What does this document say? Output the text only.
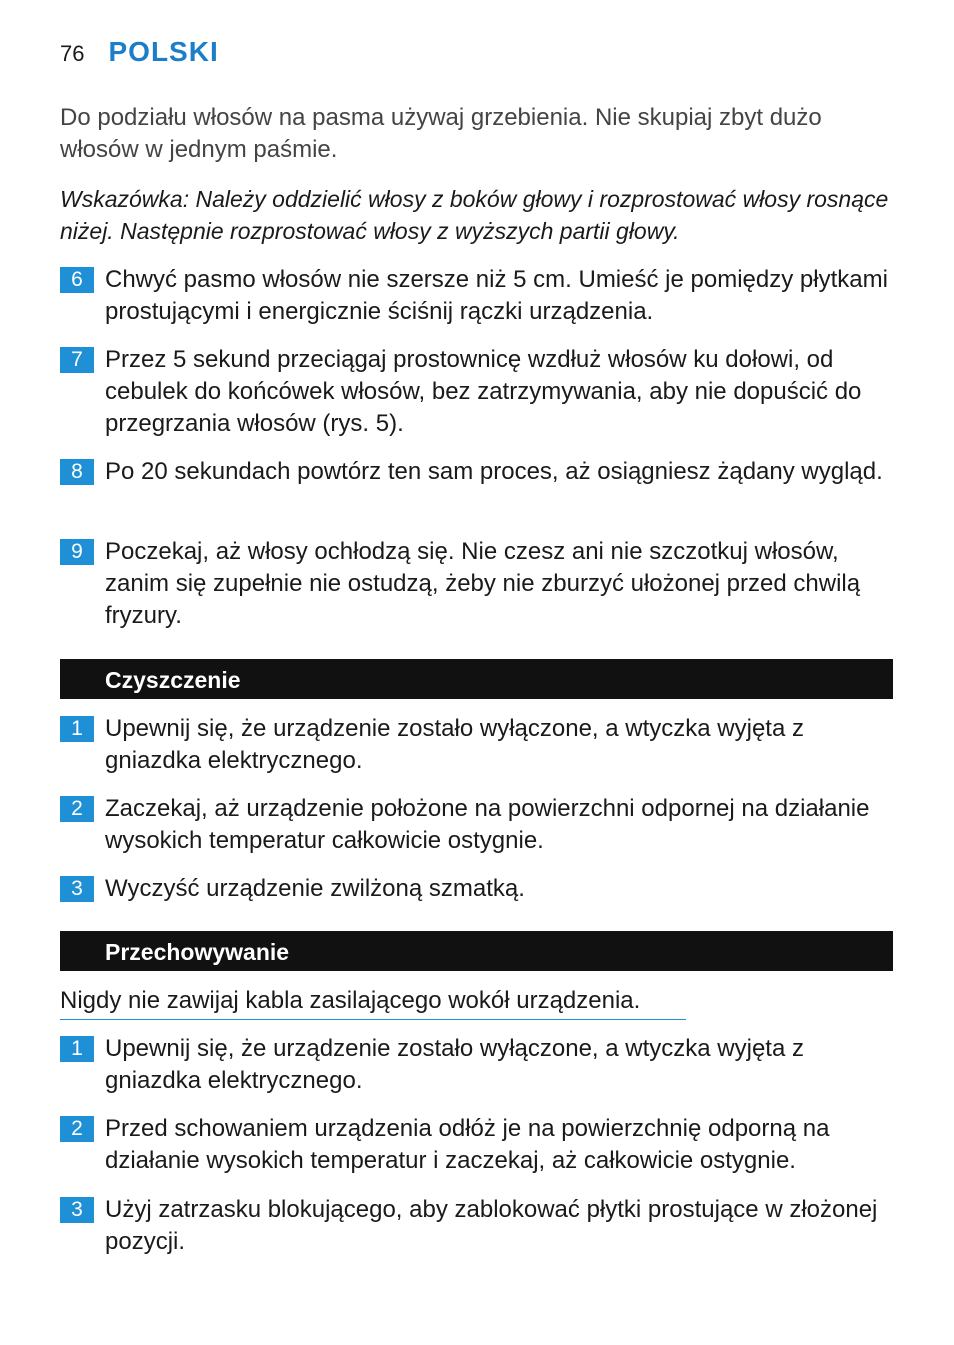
76 POLSKI
Do podziału włosów na pasma używaj grzebienia. Nie skupiaj zbyt dużo włosów w jednym paśmie.
Wskazówka: Należy oddzielić włosy z boków głowy i rozprostować włosy rosnące niżej. Następnie rozprostować włosy z wyższych partii głowy.
6 Chwyć pasmo włosów nie szersze niż 5 cm. Umieść je pomiędzy płytkami prostującymi i energicznie ściśnij rączki urządzenia.
7 Przez 5 sekund przeciągaj prostownicę wzdłuż włosów ku dołowi, od cebulek do końcówek włosów, bez zatrzymywania, aby nie dopuścić do przegrzania włosów (rys. 5).
8 Po 20 sekundach powtórz ten sam proces, aż osiągniesz żądany wygląd.
9 Poczekaj, aż włosy ochłodzą się. Nie czesz ani nie szczotkuj włosów, zanim się zupełnie nie ostudzą, żeby nie zburzyć ułożonej przed chwilą fryzury.
Czyszczenie
1 Upewnij się, że urządzenie zostało wyłączone, a wtyczka wyjęta z gniazdka elektrycznego.
2 Zaczekaj, aż urządzenie położone na powierzchni odpornej na działanie wysokich temperatur całkowicie ostygnie.
3 Wyczyść urządzenie zwilżoną szmatką.
Przechowywanie
Nigdy nie zawijaj kabla zasilającego wokół urządzenia.
1 Upewnij się, że urządzenie zostało wyłączone, a wtyczka wyjęta z gniazdka elektrycznego.
2 Przed schowaniem urządzenia odłóż je na powierzchnię odporną na działanie wysokich temperatur i zaczekaj, aż całkowicie ostygnie.
3 Użyj zatrzasku blokującego, aby zablokować płytki prostujące w złożonej pozycji.
